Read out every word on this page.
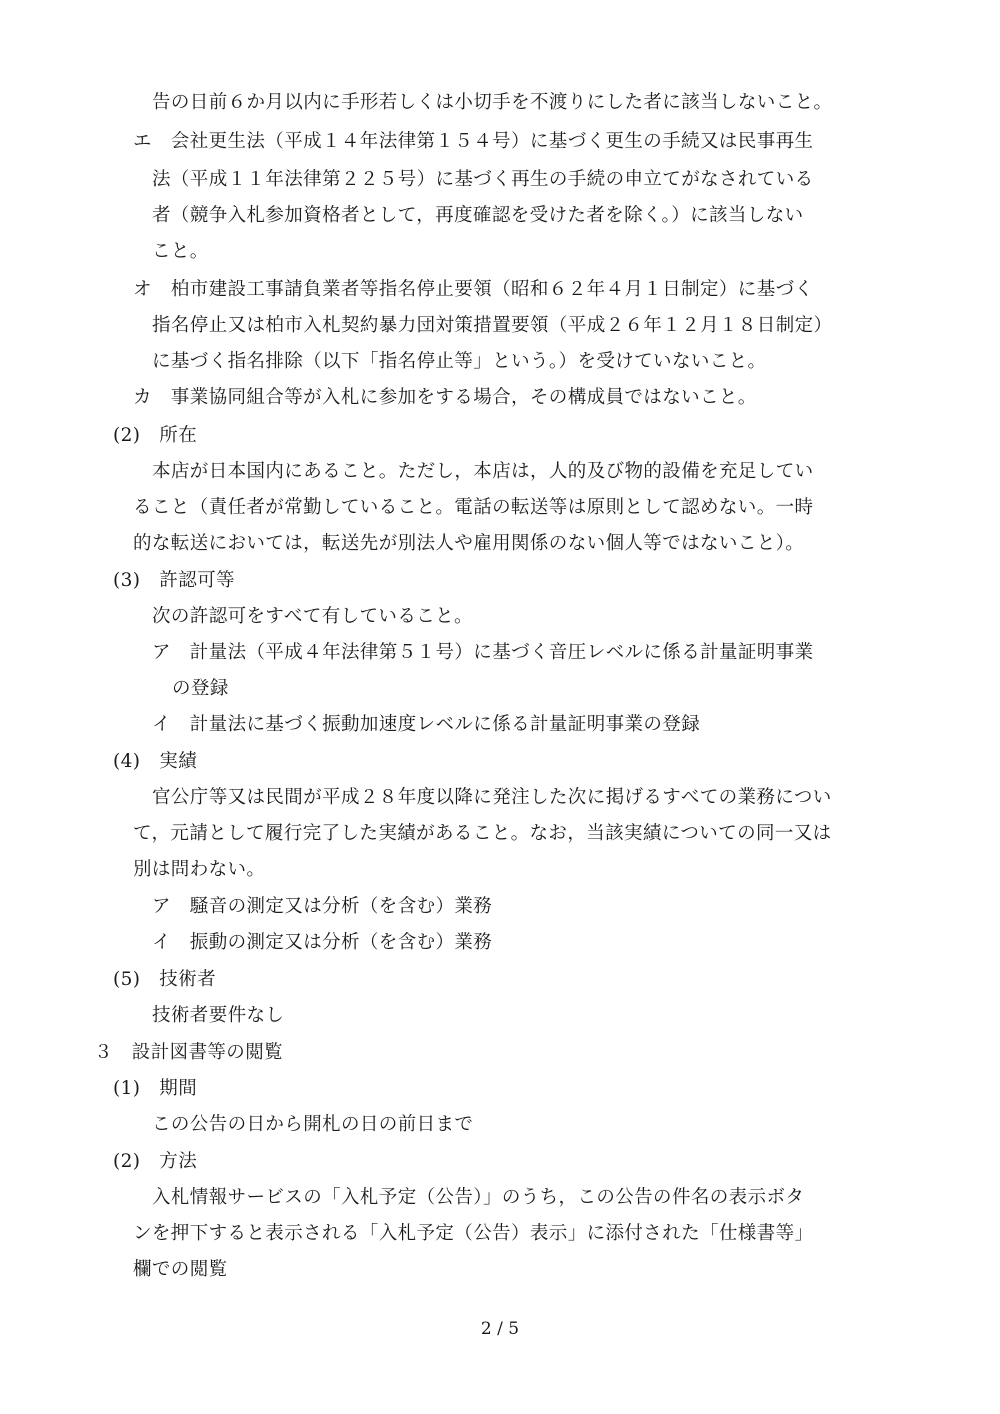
告の日前６か月以内に手形若しくは小切手を不渡りにした者に該当しないこと。

エ　会社更生法（平成１４年法律第１５４号）に基づく更生の手続又は民事再生

法（平成１１年法律第２２５号）に基づく再生の手続の申立てがなされている

者（競争入札参加資格者として，再度確認を受けた者を除く。）に該当しない

こと。

オ　柏市建設工事請負業者等指名停止要領（昭和６２年４月１日制定）に基づく

指名停止又は柏市入札契約暴力団対策措置要領（平成２６年１２月１８日制定）

に基づく指名排除（以下「指名停止等」という。）を受けていないこと。

カ　事業協同組合等が入札に参加をする場合，その構成員ではないこと。

(2)　所在

本店が日本国内にあること。ただし，本店は，人的及び物的設備を充足してい

ること（責任者が常勤していること。電話の転送等は原則として認めない。一時

的な転送においては，転送先が別法人や雇用関係のない個人等ではないこと）。

(3)　許認可等

次の許認可をすべて有していること。

ア　計量法（平成４年法律第５１号）に基づく音圧レベルに係る計量証明事業

の登録

イ　計量法に基づく振動加速度レベルに係る計量証明事業の登録

(4)　実績

官公庁等又は民間が平成２８年度以降に発注した次に掲げるすべての業務につい

て，元請として履行完了した実績があること。なお，当該実績についての同一又は

別は問わない。

ア　騒音の測定又は分析（を含む）業務

イ　振動の測定又は分析（を含む）業務

(5)　技術者

技術者要件なし

３　設計図書等の閲覧

(1)　期間

この公告の日から開札の日の前日まで

(2)　方法

入札情報サービスの「入札予定（公告）」のうち，この公告の件名の表示ボタ

ンを押下すると表示される「入札予定（公告）表示」に添付された「仕様書等」

欄での閲覧

2 / 5
